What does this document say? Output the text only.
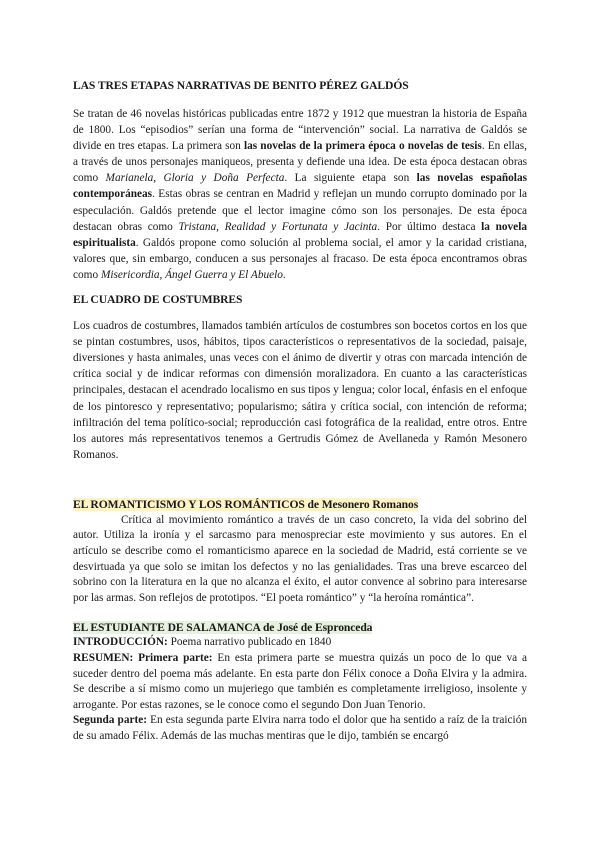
LAS TRES ETAPAS NARRATIVAS DE BENITO PÉREZ GALDÓS

Se tratan de 46 novelas históricas publicadas entre 1872 y 1912 que muestran la historia de España de 1800. Los “episodios” serían una forma de “intervención” social. La narrativa de Galdós se divide en tres etapas. La primera son las novelas de la primera época o novelas de tesis. En ellas, a través de unos personajes maniqueos, presenta y defiende una idea. De esta época destacan obras como Marianela, Gloria y Doña Perfecta. La siguiente etapa son las novelas españolas contemporáneas. Estas obras se centran en Madrid y reflejan un mundo corrupto dominado por la especulación. Galdós pretende que el lector imagine cómo son los personajes. De esta época destacan obras como Tristana, Realidad y Fortunata y Jacinta. Por último destaca la novela espiritualista. Galdós propone como solución al problema social, el amor y la caridad cristiana, valores que, sin embargo, conducen a sus personajes al fracaso. De esta época encontramos obras como Misericordia, Ángel Guerra y El Abuelo.

EL CUADRO DE COSTUMBRES

Los cuadros de costumbres, llamados también artículos de costumbres son bocetos cortos en los que se pintan costumbres, usos, hábitos, tipos característicos o representativos de la sociedad, paisaje, diversiones y hasta animales, unas veces con el ánimo de divertir y otras con marcada intención de crítica social y de indicar reformas con dimensión moralizadora. En cuanto a las características principales, destacan el acendrado localismo en sus tipos y lengua; color local, énfasis en el enfoque de los pintoresco y representativo; popularismo; sátira y crítica social, con intención de reforma; infiltración del tema político-social; reproducción casi fotográfica de la realidad, entre otros. Entre los autores más representativos tenemos a Gertrudis Gómez de Avellaneda y Ramón Mesonero Romanos.

EL ROMANTICISMO Y LOS ROMÁNTICOS de Mesonero Romanos

Crítica al movimiento romántico a través de un caso concreto, la vida del sobrino del autor. Utiliza la ironía y el sarcasmo para menospreciar este movimiento y sus autores. En el artículo se describe como el romanticismo aparece en la sociedad de Madrid, está corriente se ve desvirtuada ya que solo se imitan los defectos y no las genialidades. Tras una breve escarceo del sobrino con la literatura en la que no alcanza el éxito, el autor convence al sobrino para interesarse por las armas. Son reflejos de prototipos. “El poeta romántico” y “la heroína romántica”.

EL ESTUDIANTE DE SALAMANCA de José de Espronceda

INTRODUCCIÓN: Poema narrativo publicado en 1840

RESUMEN: Primera parte: En esta primera parte se muestra quizás un poco de lo que va a suceder dentro del poema más adelante. En esta parte don Félix conoce a Doña Elvira y la admira. Se describe a sí mismo como un mujeriego que también es completamente irreligioso, insolente y arrogante. Por estas razones, se le conoce como el segundo Don Juan Tenorio.

Segunda parte: En esta segunda parte Elvira narra todo el dolor que ha sentido a raíz de la traición de su amado Félix. Además de las muchas mentiras que le dijo, también se encargó
